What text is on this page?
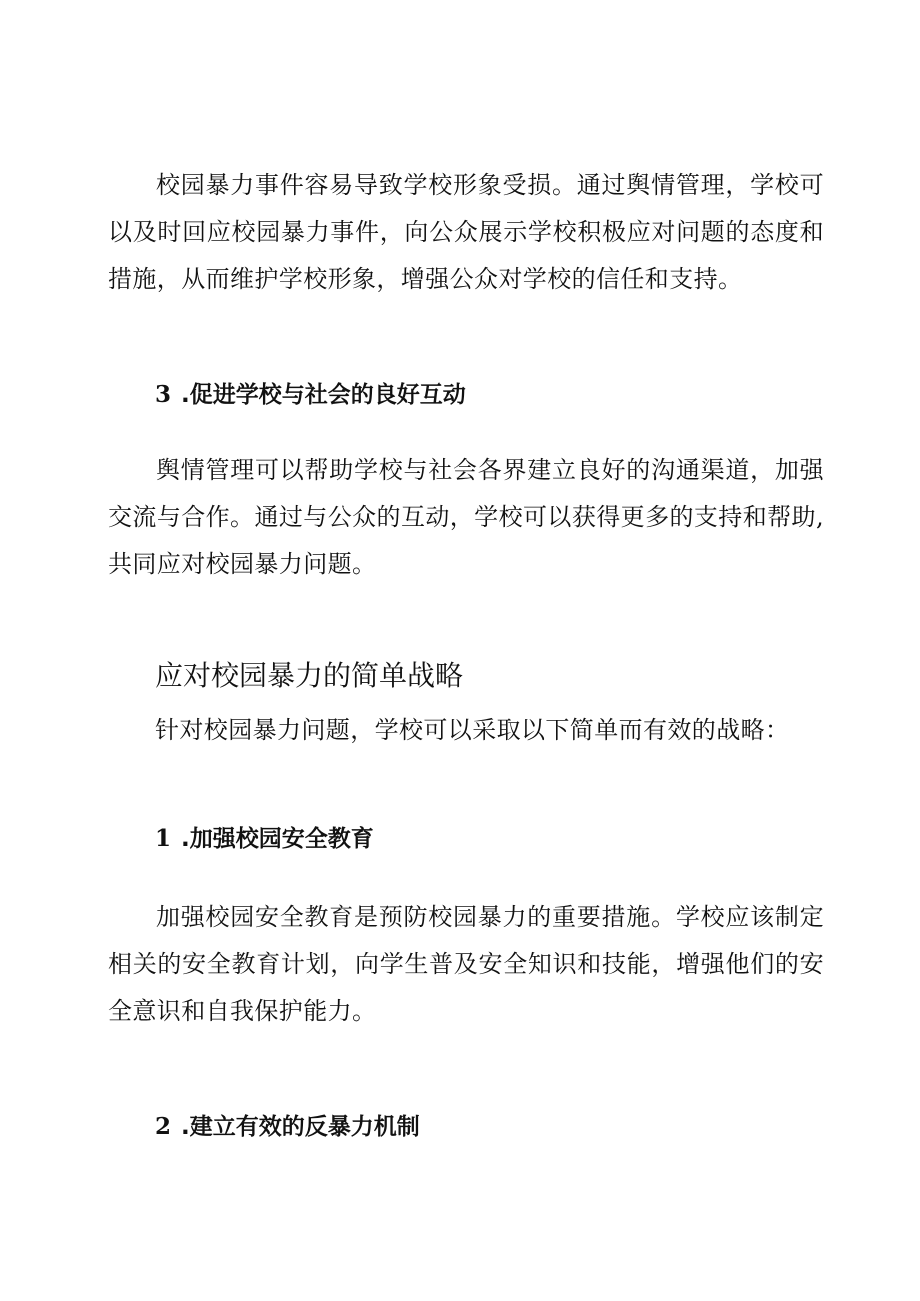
校园暴力事件容易导致学校形象受损。通过舆情管理，学校可以及时回应校园暴力事件，向公众展示学校积极应对问题的态度和措施，从而维护学校形象，增强公众对学校的信任和支持。

3 .促进学校与社会的良好互动

舆情管理可以帮助学校与社会各界建立良好的沟通渠道，加强交流与合作。通过与公众的互动，学校可以获得更多的支持和帮助,共同应对校园暴力问题。

应对校园暴力的简单战略

针对校园暴力问题，学校可以采取以下简单而有效的战略：

1 .加强校园安全教育

加强校园安全教育是预防校园暴力的重要措施。学校应该制定相关的安全教育计划，向学生普及安全知识和技能，增强他们的安全意识和自我保护能力。

2 .建立有效的反暴力机制
